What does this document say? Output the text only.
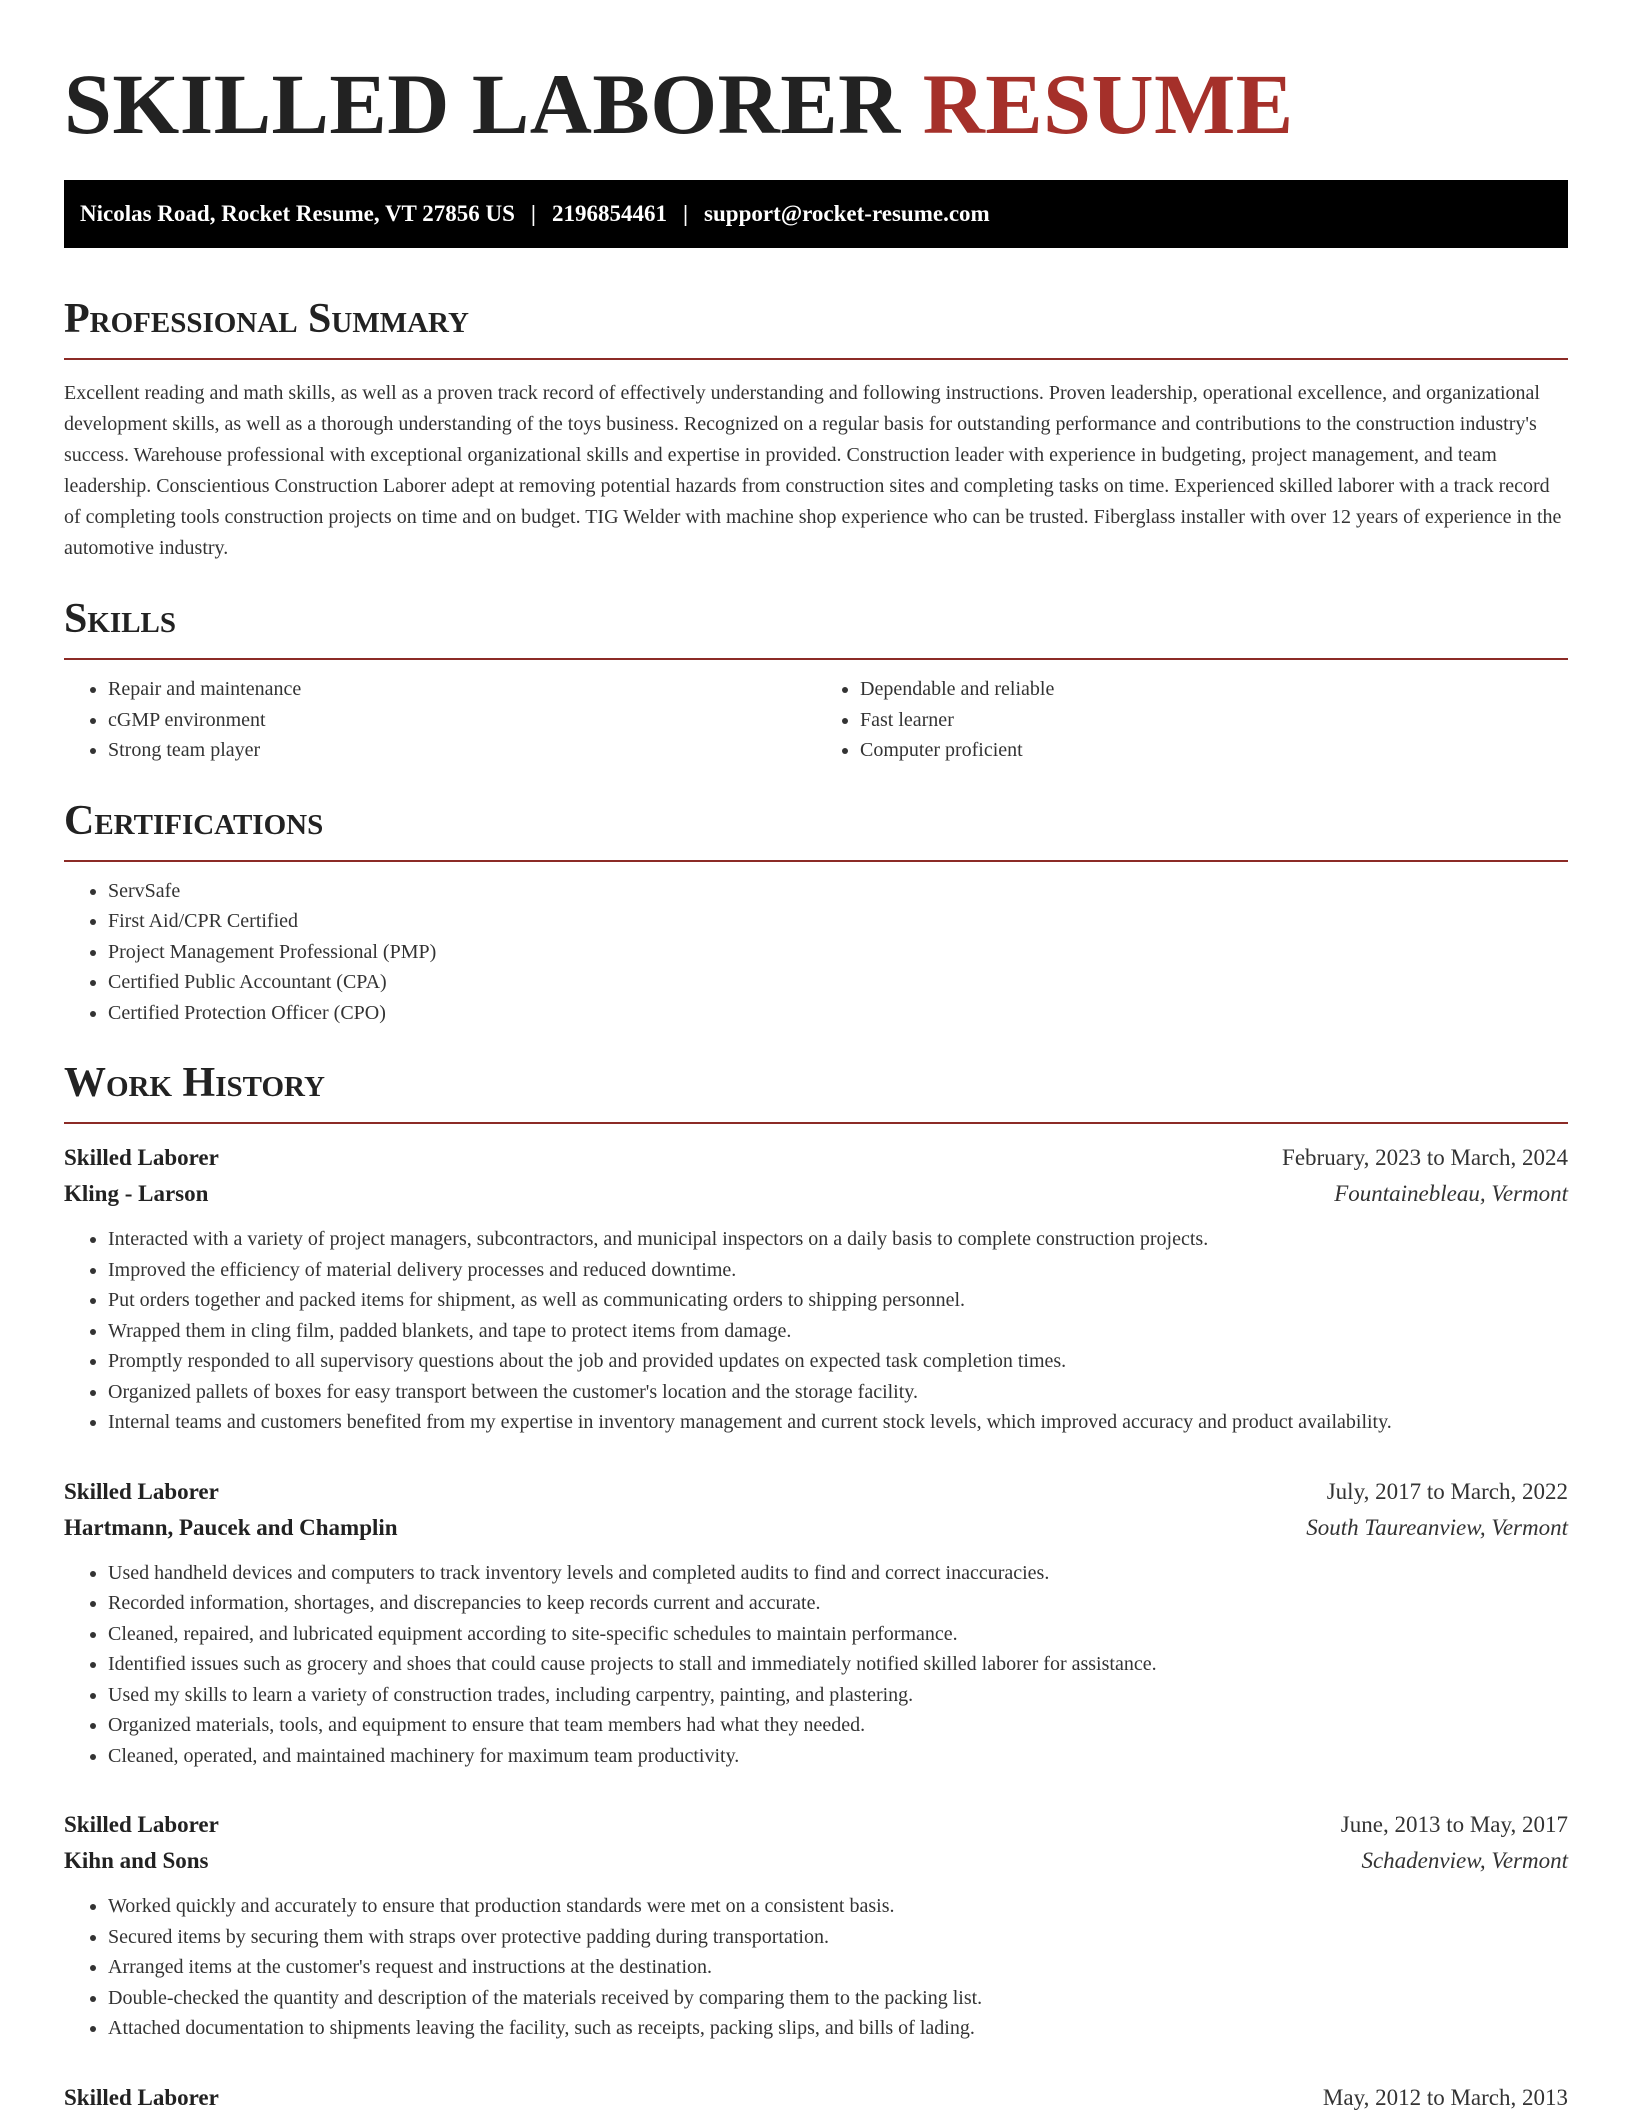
SKILLED LABORER RESUME
Nicolas Road, Rocket Resume, VT 27856 US | 2196854461 | support@rocket-resume.com
Professional Summary

Excellent reading and math skills, as well as a proven track record of effectively understanding and following instructions. Proven leadership, operational excellence, and organizational development skills, as well as a thorough understanding of the toys business. Recognized on a regular basis for outstanding performance and contributions to the construction industry's success. Warehouse professional with exceptional organizational skills and expertise in provided. Construction leader with experience in budgeting, project management, and team leadership. Conscientious Construction Laborer adept at removing potential hazards from construction sites and completing tasks on time. Experienced skilled laborer with a track record of completing tools construction projects on time and on budget. TIG Welder with machine shop experience who can be trusted. Fiberglass installer with over 12 years of experience in the automotive industry.

Skills
• Repair and maintenance
• cGMP environment
• Strong team player
• Dependable and reliable
• Fast learner
• Computer proficient
Certifications
• ServSafe
• First Aid/CPR Certified
• Project Management Professional (PMP)
• Certified Public Accountant (CPA)
• Certified Protection Officer (CPO)
Work History
Skilled Laborer	February, 2023 to March, 2024
Kling - Larson	Fountainebleau, Vermont
• Interacted with a variety of project managers, subcontractors, and municipal inspectors on a daily basis to complete construction projects.
• Improved the efficiency of material delivery processes and reduced downtime.
• Put orders together and packed items for shipment, as well as communicating orders to shipping personnel.
• Wrapped them in cling film, padded blankets, and tape to protect items from damage.
• Promptly responded to all supervisory questions about the job and provided updates on expected task completion times.
• Organized pallets of boxes for easy transport between the customer's location and the storage facility.
• Internal teams and customers benefited from my expertise in inventory management and current stock levels, which improved accuracy and product availability.
Skilled Laborer	July, 2017 to March, 2022
Hartmann, Paucek and Champlin	South Taureanview, Vermont
• Used handheld devices and computers to track inventory levels and completed audits to find and correct inaccuracies.
• Recorded information, shortages, and discrepancies to keep records current and accurate.
• Cleaned, repaired, and lubricated equipment according to site-specific schedules to maintain performance.
• Identified issues such as grocery and shoes that could cause projects to stall and immediately notified skilled laborer for assistance.
• Used my skills to learn a variety of construction trades, including carpentry, painting, and plastering.
• Organized materials, tools, and equipment to ensure that team members had what they needed.
• Cleaned, operated, and maintained machinery for maximum team productivity.
Skilled Laborer	June, 2013 to May, 2017
Kihn and Sons	Schadenview, Vermont
• Worked quickly and accurately to ensure that production standards were met on a consistent basis.
• Secured items by securing them with straps over protective padding during transportation.
• Arranged items at the customer's request and instructions at the destination.
• Double-checked the quantity and description of the materials received by comparing them to the packing list.
• Attached documentation to shipments leaving the facility, such as receipts, packing slips, and bills of lading.
Skilled Laborer	May, 2012 to March, 2013
